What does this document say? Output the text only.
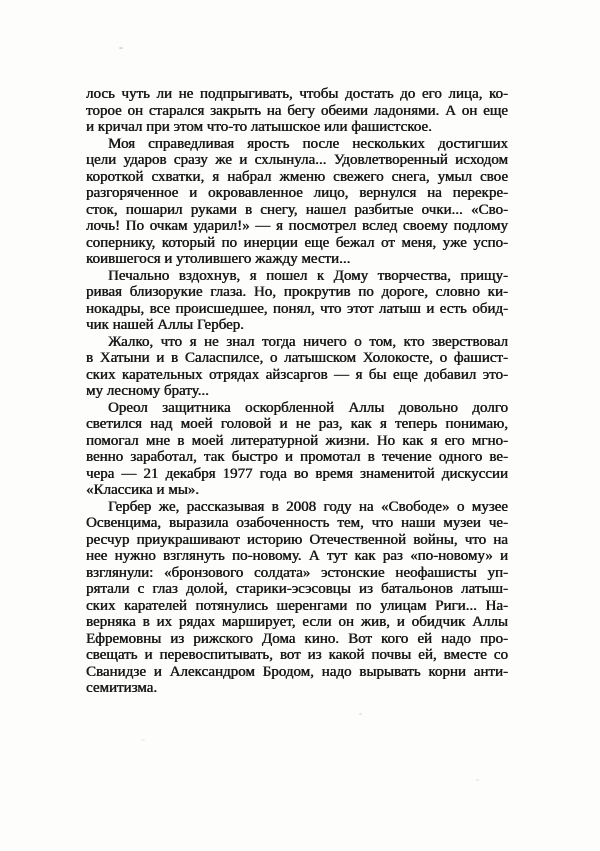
лось чуть ли не подпрыгивать, чтобы достать до его лица, ко-
торое он старался закрыть на бегу обеими ладонями. А он еще
и кричал при этом что-то латышское или фашистское.
Моя справедливая ярость после нескольких достигших
цели ударов сразу же и схлынула... Удовлетворенный исходом
короткой схватки, я набрал жменю свежего снега, умыл свое
разгоряченное и окровавленное лицо, вернулся на перекре-
сток, пошарил руками в снегу, нашел разбитые очки... «Сво-
лочь! По очкам ударил!» — я посмотрел вслед своему подлому
сопернику, который по инерции еще бежал от меня, уже успо-
коившегося и утолившего жажду мести...
Печально вздохнув, я пошел к Дому творчества, прищу-
ривая близорукие глаза. Но, прокрутив по дороге, словно ки-
нокадры, все происшедшее, понял, что этот латыш и есть обид-
чик нашей Аллы Гербер.
Жалко, что я не знал тогда ничего о том, кто зверствовал
в Хатыни и в Саласпилсе, о латышском Холокосте, о фашист-
ских карательных отрядах айзсаргов — я бы еще добавил это-
му лесному брату...
Ореол защитника оскорбленной Аллы довольно долго
светился над моей головой и не раз, как я теперь понимаю,
помогал мне в моей литературной жизни. Но как я его мгно-
венно заработал, так быстро и промотал в течение одного ве-
чера — 21 декабря 1977 года во время знаменитой дискуссии
«Классика и мы».
Гербер же, рассказывая в 2008 году на «Свободе» о музее
Освенцима, выразила озабоченность тем, что наши музеи че-
ресчур приукрашивают историю Отечественной войны, что на
нее нужно взглянуть по-новому. А тут как раз «по-новому» и
взглянули: «бронзового солдата» эстонские неофашисты уп-
рятали с глаз долой, старики-эсэсовцы из батальонов латыш-
ских карателей потянулись шеренгами по улицам Риги... На-
верняка в их рядах марширует, если он жив, и обидчик Аллы
Ефремовны из рижского Дома кино. Вот кого ей надо про-
свещать и перевоспитывать, вот из какой почвы ей, вместе со
Сванидзе и Александром Бродом, надо вырывать корни анти-
семитизма.
